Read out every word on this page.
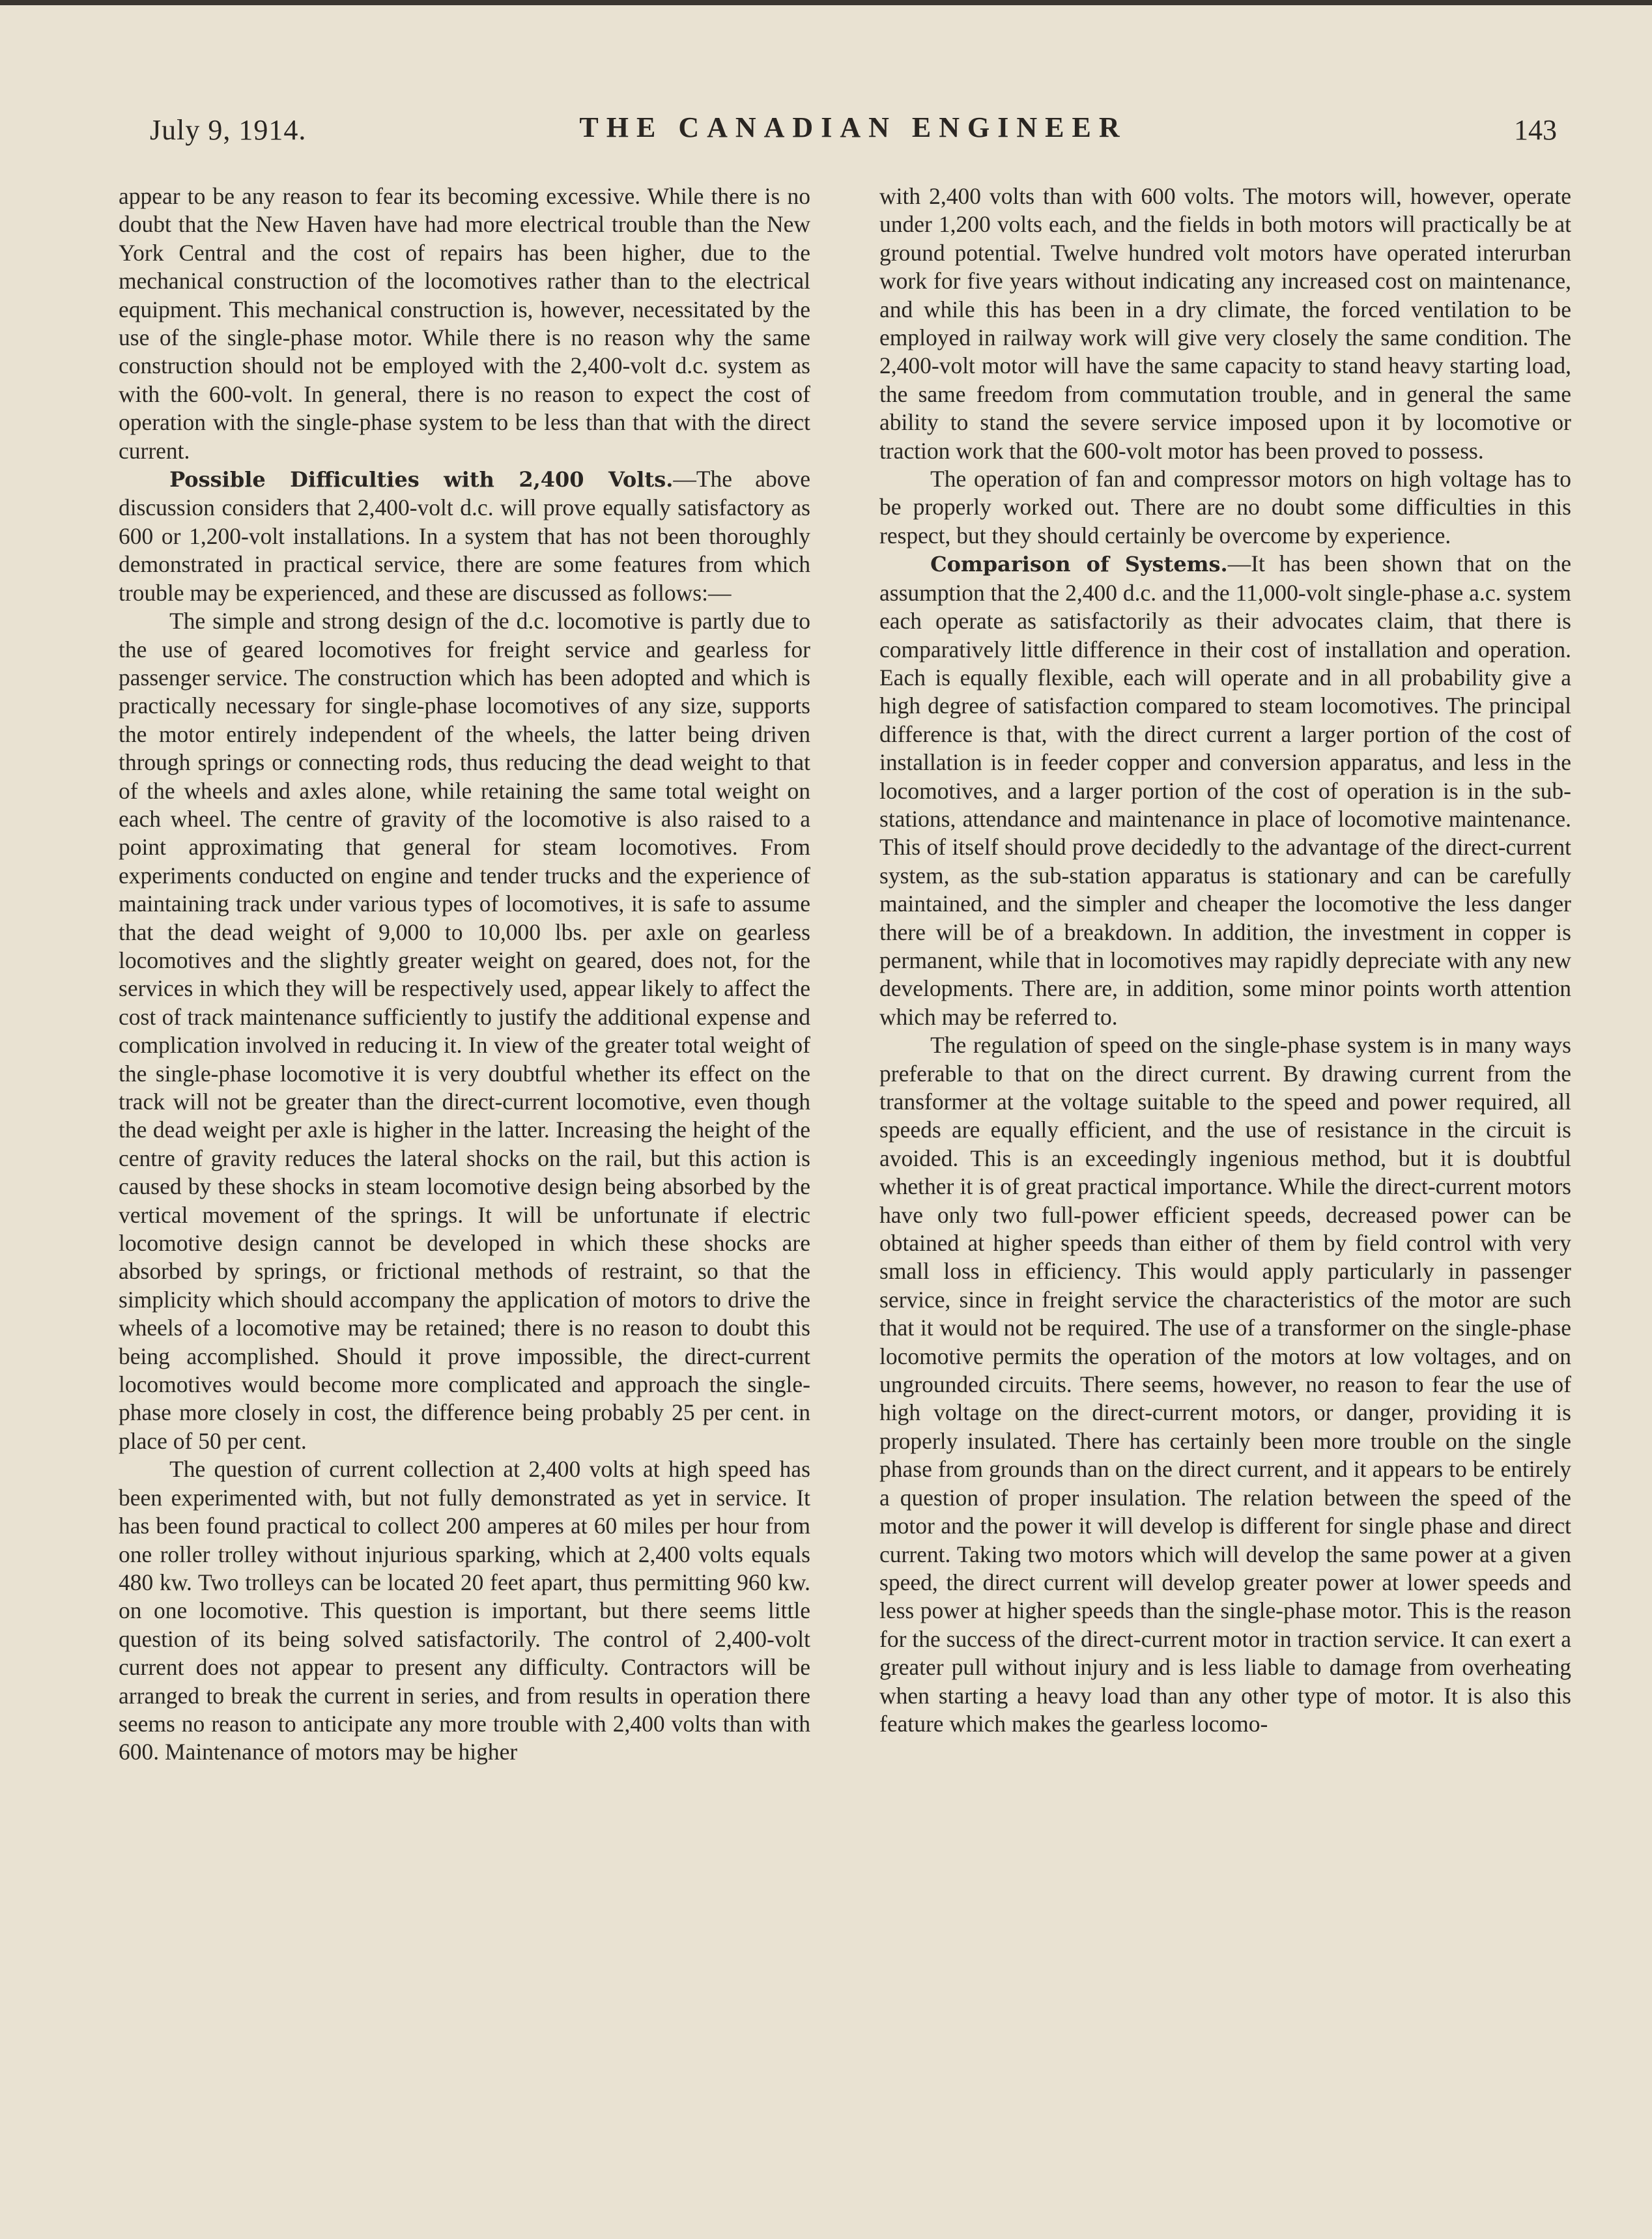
July 9, 1914.	THE CANADIAN ENGINEER	143

appear to be any reason to fear its becoming excessive. While there is no doubt that the New Haven have had more electrical trouble than the New York Central and the cost of repairs has been higher, due to the mechanical construction of the locomotives rather than to the electrical equipment. This mechanical construction is, however, necessitated by the use of the single-phase motor. While there is no reason why the same construction should not be employed with the 2,400-volt d.c. system as with the 600-volt. In general, there is no reason to expect the cost of operation with the single-phase system to be less than that with the direct current.

Possible Difficulties with 2,400 Volts.—The above discussion considers that 2,400-volt d.c. will prove equally satisfactory as 600 or 1,200-volt installations. In a system that has not been thoroughly demonstrated in practical service, there are some features from which trouble may be experienced, and these are discussed as follows:—

The simple and strong design of the d.c. locomotive is partly due to the use of geared locomotives for freight service and gearless for passenger service. The construction which has been adopted and which is practically necessary for single-phase locomotives of any size, supports the motor entirely independent of the wheels, the latter being driven through springs or connecting rods, thus reducing the dead weight to that of the wheels and axles alone, while retaining the same total weight on each wheel. The centre of gravity of the locomotive is also raised to a point approximating that general for steam locomotives. From experiments conducted on engine and tender trucks and the experience of maintaining track under various types of locomotives, it is safe to assume that the dead weight of 9,000 to 10,000 lbs. per axle on gearless locomotives and the slightly greater weight on geared, does not, for the services in which they will be respectively used, appear likely to affect the cost of track maintenance sufficiently to justify the additional expense and complication involved in reducing it. In view of the greater total weight of the single-phase locomotive it is very doubtful whether its effect on the track will not be greater than the direct-current locomotive, even though the dead weight per axle is higher in the latter. Increasing the height of the centre of gravity reduces the lateral shocks on the rail, but this action is caused by these shocks in steam locomotive design being absorbed by the vertical movement of the springs. It will be unfortunate if electric locomotive design cannot be developed in which these shocks are absorbed by springs, or frictional methods of restraint, so that the simplicity which should accompany the application of motors to drive the wheels of a locomotive may be retained; there is no reason to doubt this being accomplished. Should it prove impossible, the direct-current locomotives would become more complicated and approach the single-phase more closely in cost, the difference being probably 25 per cent. in place of 50 per cent.

The question of current collection at 2,400 volts at high speed has been experimented with, but not fully demonstrated as yet in service. It has been found practical to collect 200 amperes at 60 miles per hour from one roller trolley without injurious sparking, which at 2,400 volts equals 480 kw. Two trolleys can be located 20 feet apart, thus permitting 960 kw. on one locomotive. This question is important, but there seems little question of its being solved satisfactorily. The control of 2,400-volt current does not appear to present any difficulty. Contractors will be arranged to break the current in series, and from results in operation there seems no reason to anticipate any more trouble with 2,400 volts than with 600. Maintenance of motors may be higher

with 2,400 volts than with 600 volts. The motors will, however, operate under 1,200 volts each, and the fields in both motors will practically be at ground potential. Twelve hundred volt motors have operated interurban work for five years without indicating any increased cost on maintenance, and while this has been in a dry climate, the forced ventilation to be employed in railway work will give very closely the same condition. The 2,400-volt motor will have the same capacity to stand heavy starting load, the same freedom from commutation trouble, and in general the same ability to stand the severe service imposed upon it by locomotive or traction work that the 600-volt motor has been proved to possess.

The operation of fan and compressor motors on high voltage has to be properly worked out. There are no doubt some difficulties in this respect, but they should certainly be overcome by experience.

Comparison of Systems.—It has been shown that on the assumption that the 2,400 d.c. and the 11,000-volt single-phase a.c. system each operate as satisfactorily as their advocates claim, that there is comparatively little difference in their cost of installation and operation. Each is equally flexible, each will operate and in all probability give a high degree of satisfaction compared to steam locomotives. The principal difference is that, with the direct current a larger portion of the cost of installation is in feeder copper and conversion apparatus, and less in the locomotives, and a larger portion of the cost of operation is in the sub-stations, attendance and maintenance in place of locomotive maintenance. This of itself should prove decidedly to the advantage of the direct-current system, as the sub-station apparatus is stationary and can be carefully maintained, and the simpler and cheaper the locomotive the less danger there will be of a breakdown. In addition, the investment in copper is permanent, while that in locomotives may rapidly depreciate with any new developments. There are, in addition, some minor points worth attention which may be referred to.

The regulation of speed on the single-phase system is in many ways preferable to that on the direct current. By drawing current from the transformer at the voltage suitable to the speed and power required, all speeds are equally efficient, and the use of resistance in the circuit is avoided. This is an exceedingly ingenious method, but it is doubtful whether it is of great practical importance. While the direct-current motors have only two full-power efficient speeds, decreased power can be obtained at higher speeds than either of them by field control with very small loss in efficiency. This would apply particularly in passenger service, since in freight service the characteristics of the motor are such that it would not be required. The use of a transformer on the single-phase locomotive permits the operation of the motors at low voltages, and on ungrounded circuits. There seems, however, no reason to fear the use of high voltage on the direct-current motors, or danger, providing it is properly insulated. There has certainly been more trouble on the single phase from grounds than on the direct current, and it appears to be entirely a question of proper insulation. The relation between the speed of the motor and the power it will develop is different for single phase and direct current. Taking two motors which will develop the same power at a given speed, the direct current will develop greater power at lower speeds and less power at higher speeds than the single-phase motor. This is the reason for the success of the direct-current motor in traction service. It can exert a greater pull without injury and is less liable to damage from overheating when starting a heavy load than any other type of motor. It is also this feature which makes the gearless locomo-
